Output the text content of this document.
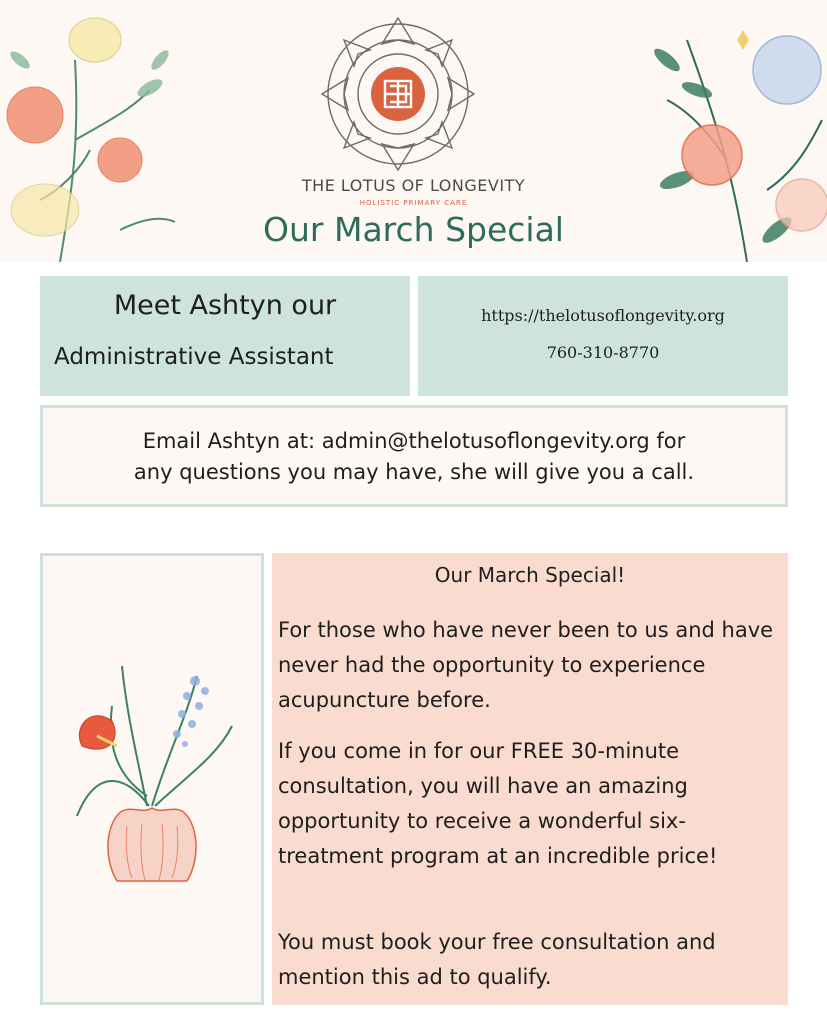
THE LOTUS OF LONGEVITY
HOLISTIC PRIMARY CARE
Our March Special
Meet Ashtyn our
Administrative Assistant
https://thelotusoflongevity.org
760-310-8770
Email Ashtyn at: admin@thelotusoflongevity.org for
any questions you may have, she will give you a call.
Our March Special!
For those who have never been to us and have never had the opportunity to experience acupuncture before.
If you come in for our FREE 30-minute consultation, you will have an amazing opportunity to receive a wonderful six-treatment program at an incredible price!
You must book your free consultation and mention this ad to qualify.
